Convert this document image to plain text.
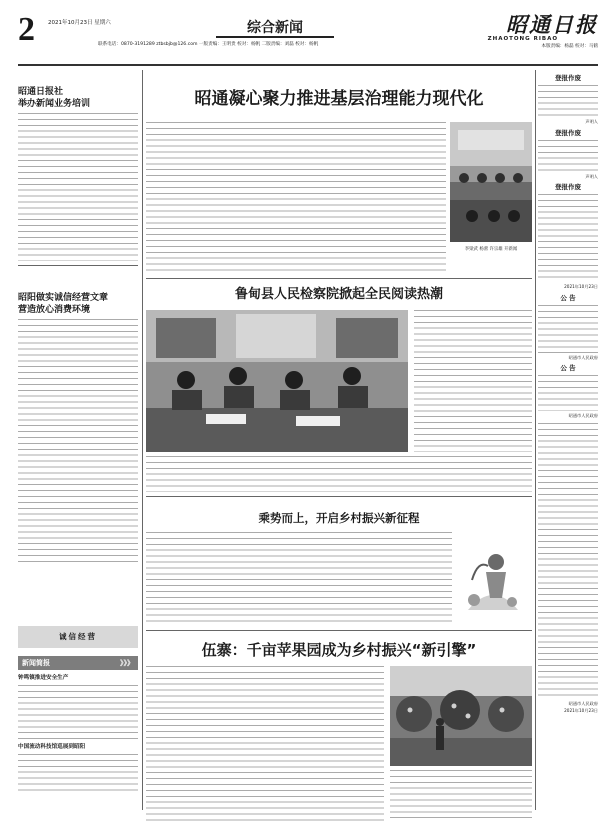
2 2021年10月23日 星期六	综合新闻
联系电话：0870-3191289 ztbsbjb@126.com 一版责编：王明贵 校对：杨帆 二版责编：刘磊 校对：杨帆
昭通日报
ZHAOTONG RIBAO
本版责编：杨磊 校对：马鹤
昭通日报社
举办新闻业务培训
昭阳做实诚信经营文章
营造放心消费环境
诚信经营
新闻简报	》》》
钟鸣镇推进安全生产
中国流动科技馆巡展到昭阳
昭通凝心聚力推进基层治理能力现代化
李梁武 杨蕾 许宗雄 开新闻
鲁甸县人民检察院掀起全民阅读热潮
乘势而上，开启乡村振兴新征程
伍寨：千亩苹果园成为乡村振兴“新引擎”
登报作废
声明人
登报作废
声明人
登报作废
2021年10月23日
公 告
昭通市人民政府
公 告
昭通市人民政府
昭通市人民政府
2021年10月23日
